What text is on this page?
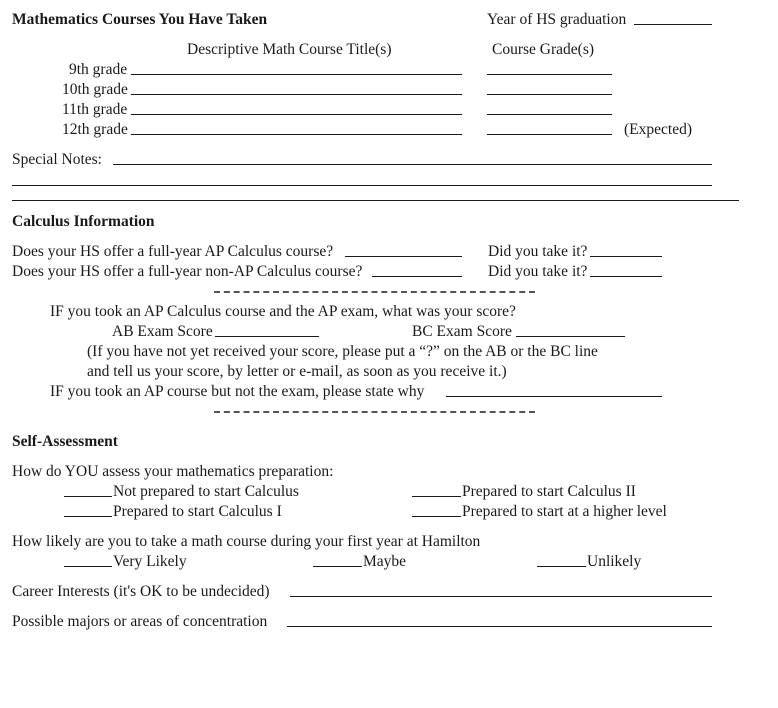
Mathematics Courses You Have Taken	Year of HS graduation
Descriptive Math Course Title(s)	Course Grade(s)
9th grade
10th grade
11th grade
12th grade	(Expected)
Special Notes:
Calculus Information
Does your HS offer a full-year AP Calculus course?	Did you take it?
Does your HS offer a full-year non-AP Calculus course?	Did you take it?
IF you took an AP Calculus course and the AP exam, what was your score?
AB Exam Score	BC Exam Score
(If you have not yet received your score, please put a “?” on the AB or the BC line
and tell us your score, by letter or e-mail, as soon as you receive it.)
IF you took an AP course but not the exam, please state why
Self-Assessment
How do YOU assess your mathematics preparation:
Not prepared to start Calculus	Prepared to start Calculus II
Prepared to start Calculus I	Prepared to start at a higher level
How likely are you to take a math course during your first year at Hamilton
Very Likely	Maybe	Unlikely
Career Interests (it's OK to be undecided)
Possible majors or areas of concentration
